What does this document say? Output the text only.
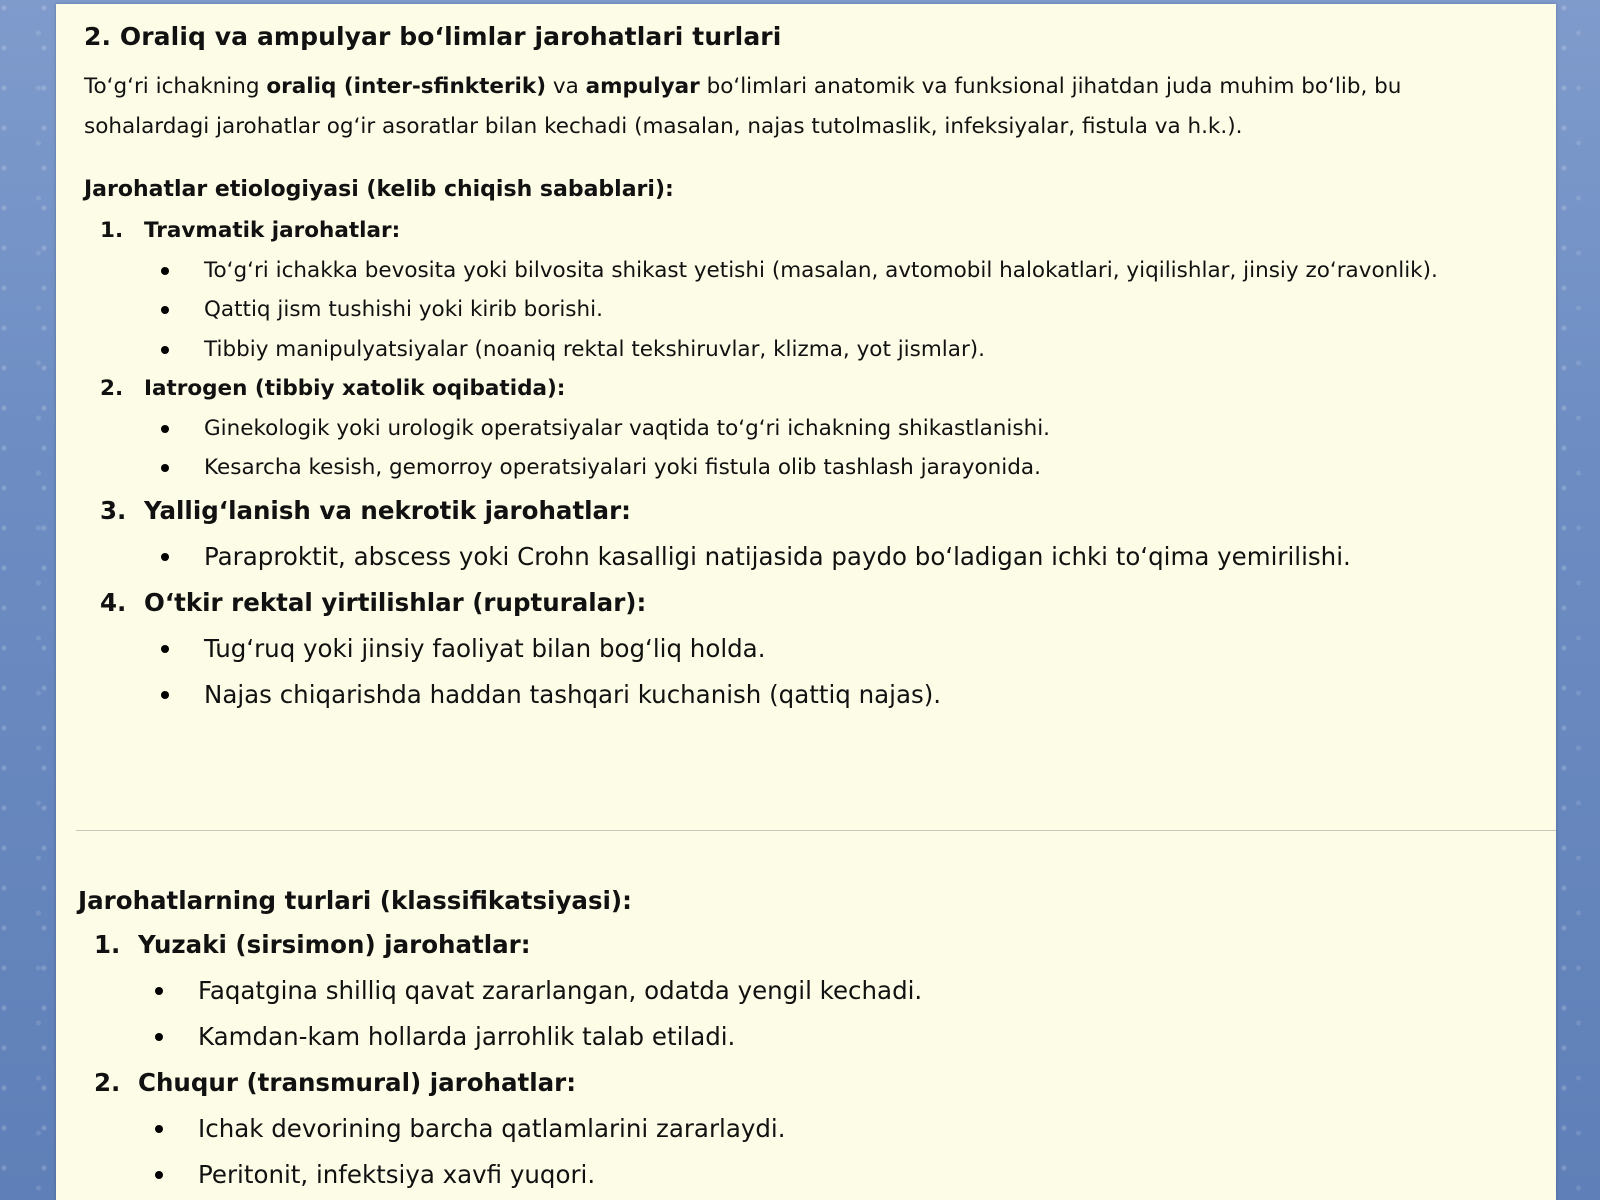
2. Oraliq va ampulyar bo‘limlar jarohatlari turlari

To‘g‘ri ichakning oraliq (inter-sfinkterik) va ampulyar bo‘limlari anatomik va funksional jihatdan juda muhim bo‘lib, bu sohalardagi jarohatlar og‘ir asoratlar bilan kechadi (masalan, najas tutolmaslik, infeksiyalar, fistula va h.k.).

Jarohatlar etiologiyasi (kelib chiqish sabablari):
1. Travmatik jarohatlar:
To‘g‘ri ichakka bevosita yoki bilvosita shikast yetishi (masalan, avtomobil halokatlari, yiqilishlar, jinsiy zo‘ravonlik).
Qattiq jism tushishi yoki kirib borishi.
Tibbiy manipulyatsiyalar (noaniq rektal tekshiruvlar, klizma, yot jismlar).
2. Iatrogen (tibbiy xatolik oqibatida):
Ginekologik yoki urologik operatsiyalar vaqtida to‘g‘ri ichakning shikastlanishi.
Kesarcha kesish, gemorroy operatsiyalari yoki fistula olib tashlash jarayonida.
3. Yallig‘lanish va nekrotik jarohatlar:
Paraproktit, abscess yoki Crohn kasalligi natijasida paydo bo‘ladigan ichki to‘qima yemirilishi.
4. O‘tkir rektal yirtilishlar (rupturalar):
Tug‘ruq yoki jinsiy faoliyat bilan bog‘liq holda.
Najas chiqarishda haddan tashqari kuchanish (qattiq najas).
Jarohatlarning turlari (klassifikatsiyasi):
1. Yuzaki (sirsimon) jarohatlar:
Faqatgina shilliq qavat zararlangan, odatda yengil kechadi.
Kamdan-kam hollarda jarrohlik talab etiladi.
2. Chuqur (transmural) jarohatlar:
Ichak devorining barcha qatlamlarini zararlaydi.
Peritonit, infektsiya xavfi yuqori.
